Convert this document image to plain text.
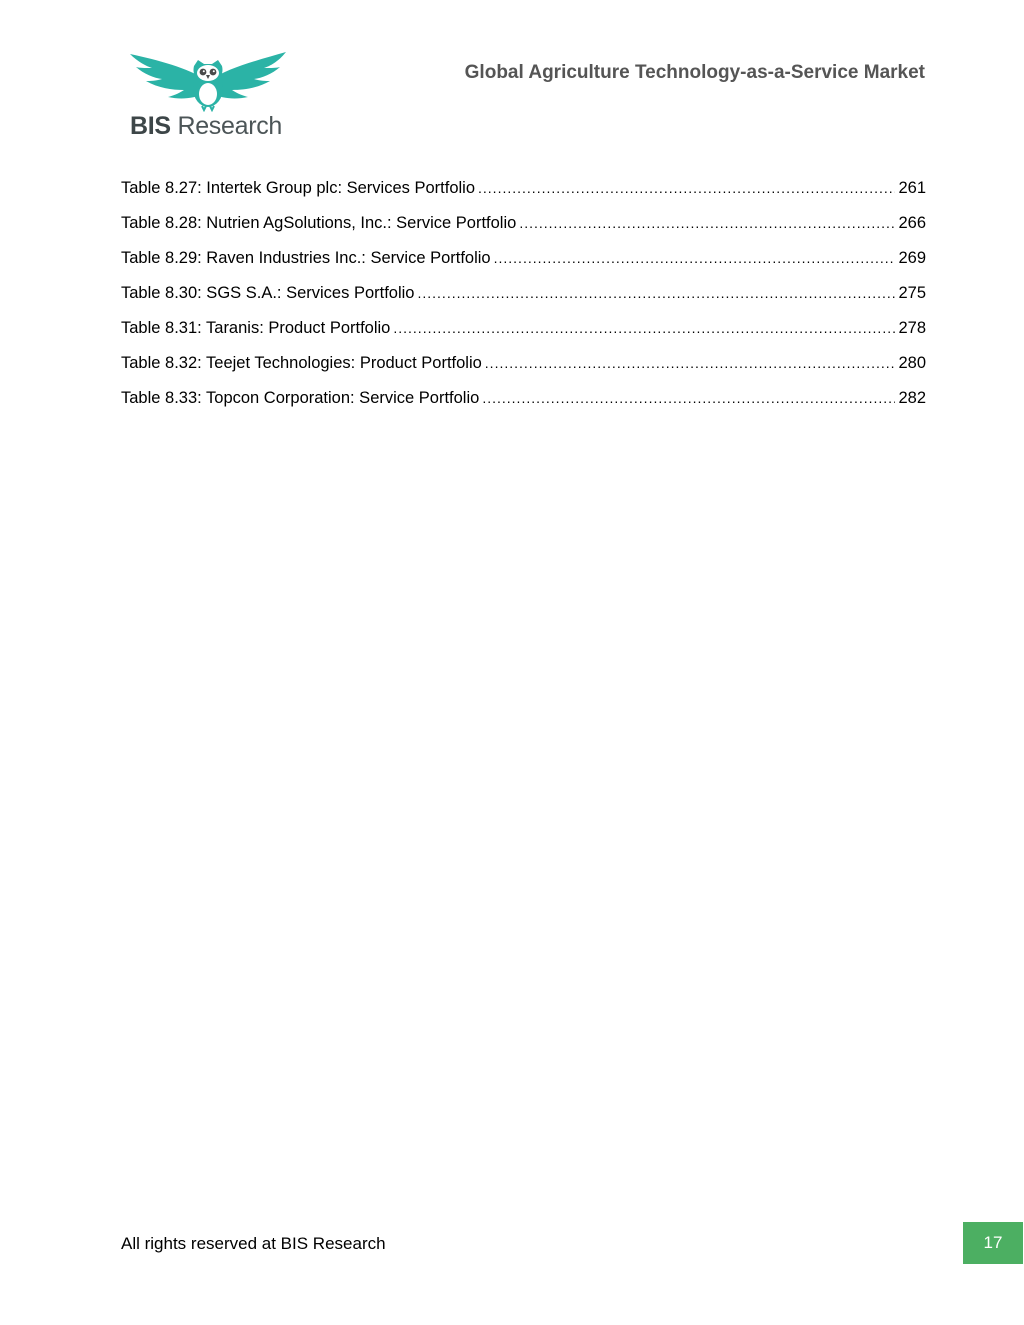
BIS Research
Global Agriculture Technology-as-a-Service Market
Table 8.27: Intertek Group plc: Services Portfolio .....	261
Table 8.28: Nutrien AgSolutions, Inc.: Service Portfolio .....	266
Table 8.29: Raven Industries Inc.: Service Portfolio .....	269
Table 8.30: SGS S.A.: Services Portfolio .....	275
Table 8.31: Taranis: Product Portfolio .....	278
Table 8.32: Teejet Technologies: Product Portfolio .....	280
Table 8.33: Topcon Corporation: Service Portfolio .....	282
All rights reserved at BIS Research	17
